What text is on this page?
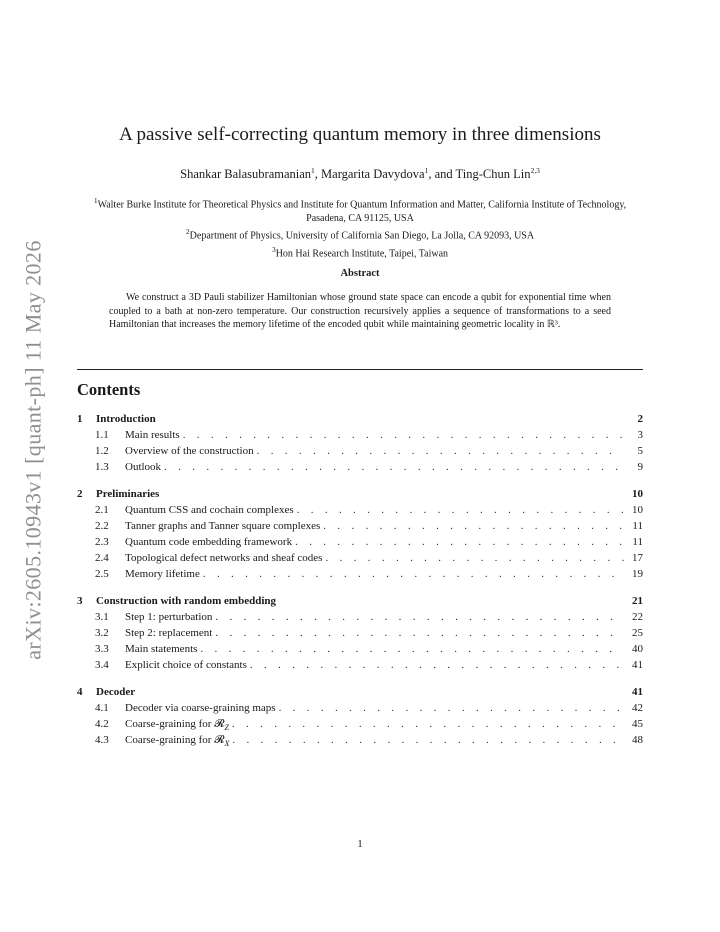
arXiv:2605.10943v1 [quant-ph] 11 May 2026
A passive self-correcting quantum memory in three dimensions
Shankar Balasubramanian$^1$, Margarita Davydova$^1$, and Ting-Chun Lin$^{2,3}$
$^1$Walter Burke Institute for Theoretical Physics and Institute for Quantum Information and Matter, California Institute of Technology, Pasadena, CA 91125, USA
$^2$Department of Physics, University of California San Diego, La Jolla, CA 92093, USA
$^3$Hon Hai Research Institute, Taipei, Taiwan
Abstract
We construct a 3D Pauli stabilizer Hamiltonian whose ground state space can encode a qubit for exponential time when coupled to a bath at non-zero temperature. Our construction recursively applies a sequence of transformations to a seed Hamiltonian that increases the memory lifetime of the encoded qubit while maintaining geometric locality in ℝ³.
Contents
1	Introduction	2
1.1	Main results . . .	3
1.2	Overview of the construction . . .	5
1.3	Outlook . . .	9
2	Preliminaries	10
2.1	Quantum CSS and cochain complexes . . .	10
2.2	Tanner graphs and Tanner square complexes . . .	11
2.3	Quantum code embedding framework . . .	11
2.4	Topological defect networks and sheaf codes . . .	17
2.5	Memory lifetime . . .	19
3	Construction with random embedding	21
3.1	Step 1: perturbation . . .	22
3.2	Step 2: replacement . . .	25
3.3	Main statements . . .	40
3.4	Explicit choice of constants . . .	41
4	Decoder	41
4.1	Decoder via coarse-graining maps . . .	42
4.2	Coarse-graining for 𝓡$_Z$ . . .	45
4.3	Coarse-graining for 𝓡$_X$ . . .	48
1
